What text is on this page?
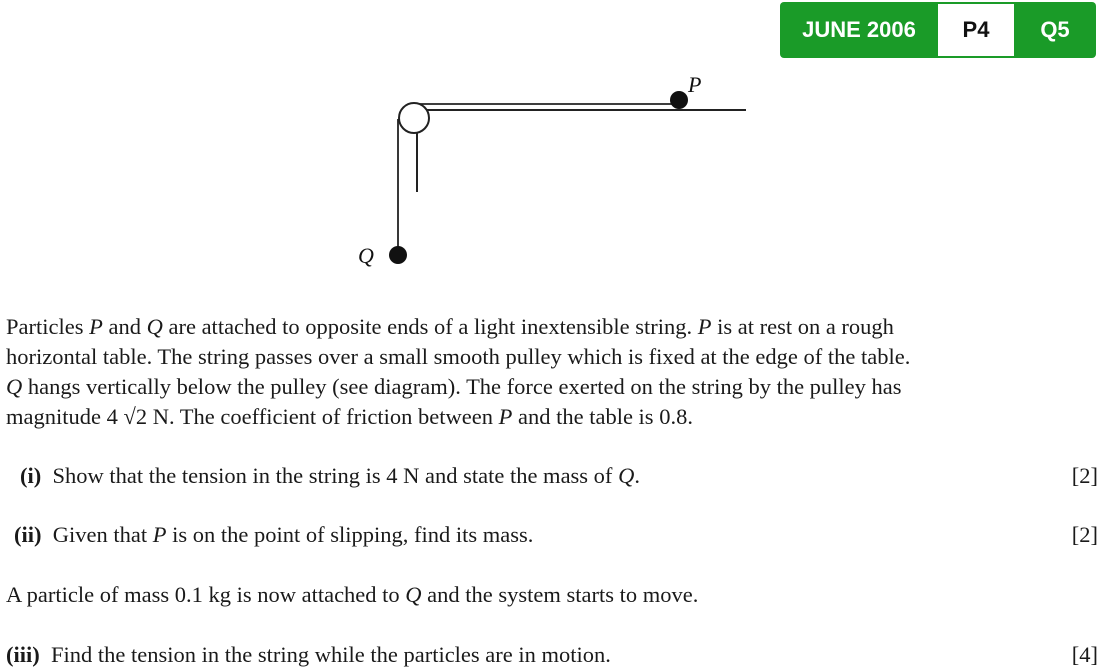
JUNE 2006	P4	Q5
P
Q
Particles P and Q are attached to opposite ends of a light inextensible string. P is at rest on a rough
horizontal table. The string passes over a small smooth pulley which is fixed at the edge of the table.
Q hangs vertically below the pulley (see diagram). The force exerted on the string by the pulley has
magnitude 4 √2 N. The coefficient of friction between P and the table is 0.8.
(i) Show that the tension in the string is 4 N and state the mass of Q.	[2]
(ii) Given that P is on the point of slipping, find its mass.	[2]
A particle of mass 0.1 kg is now attached to Q and the system starts to move.
(iii) Find the tension in the string while the particles are in motion.	[4]
